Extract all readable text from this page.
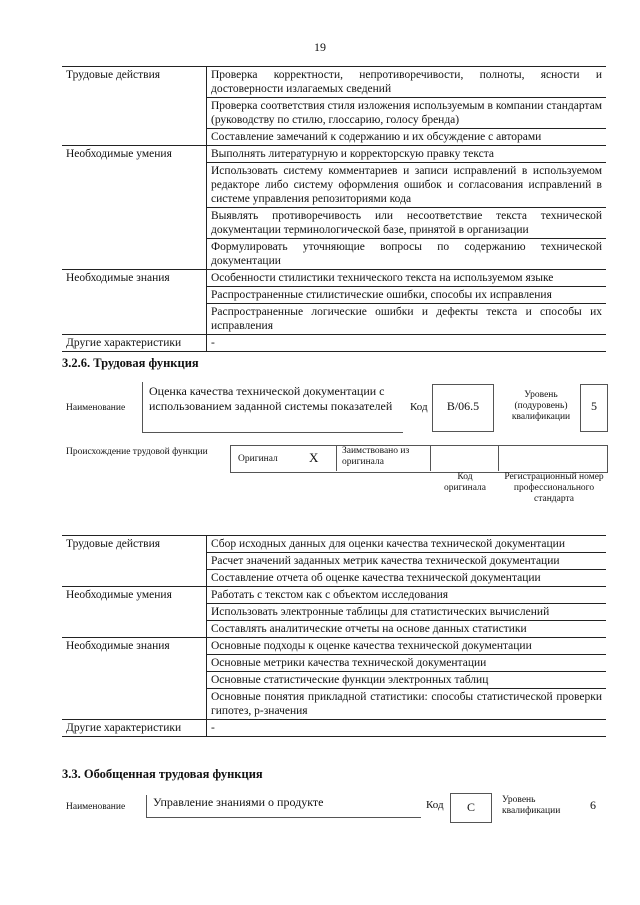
19
Трудовые действия	Проверка корректности, непротиворечивости, полноты, ясности и достоверности излагаемых сведений
	Проверка соответствия стиля изложения используемым в компании стандартам (руководству по стилю, глоссарию, голосу бренда)
	Составление замечаний к содержанию и их обсуждение с авторами
Необходимые умения	Выполнять литературную и корректорскую правку текста
	Использовать систему комментариев и записи исправлений в используемом редакторе либо систему оформления ошибок и согласования исправлений в системе управления репозиториями кода
	Выявлять противоречивость или несоответствие текста технической документации терминологической базе, принятой в организации
	Формулировать уточняющие вопросы по содержанию технической документации
Необходимые знания	Особенности стилистики технического текста на используемом языке
	Распространенные стилистические ошибки, способы их исправления
	Распространенные логические ошибки и дефекты текста и способы их исправления
Другие характеристики	-
3.2.6. Трудовая функция
Наименование
Оценка качества технической документации с использованием заданной системы показателей	Код	B/06.5
Уровень (подуровень) квалификации
5
Происхождение трудовой функции
Оригинал X Заимствовано из оригинала
Код оригинала
Регистрационный номер профессионального стандарта
Трудовые действия	Сбор исходных данных для оценки качества технической документации
	Расчет значений заданных метрик качества технической документации
	Составление отчета об оценке качества технической документации
Необходимые умения	Работать с текстом как с объектом исследования
	Использовать электронные таблицы для статистических вычислений
	Составлять аналитические отчеты на основе данных статистики
Необходимые знания	Основные подходы к оценке качества технической документации
	Основные метрики качества технической документации
	Основные статистические функции электронных таблиц
	Основные понятия прикладной статистики: способы статистической проверки гипотез, p-значения
Другие характеристики	-
3.3. Обобщенная трудовая функция
Наименование	Управление знаниями о продукте	Код	C	Уровень квалификации	6
